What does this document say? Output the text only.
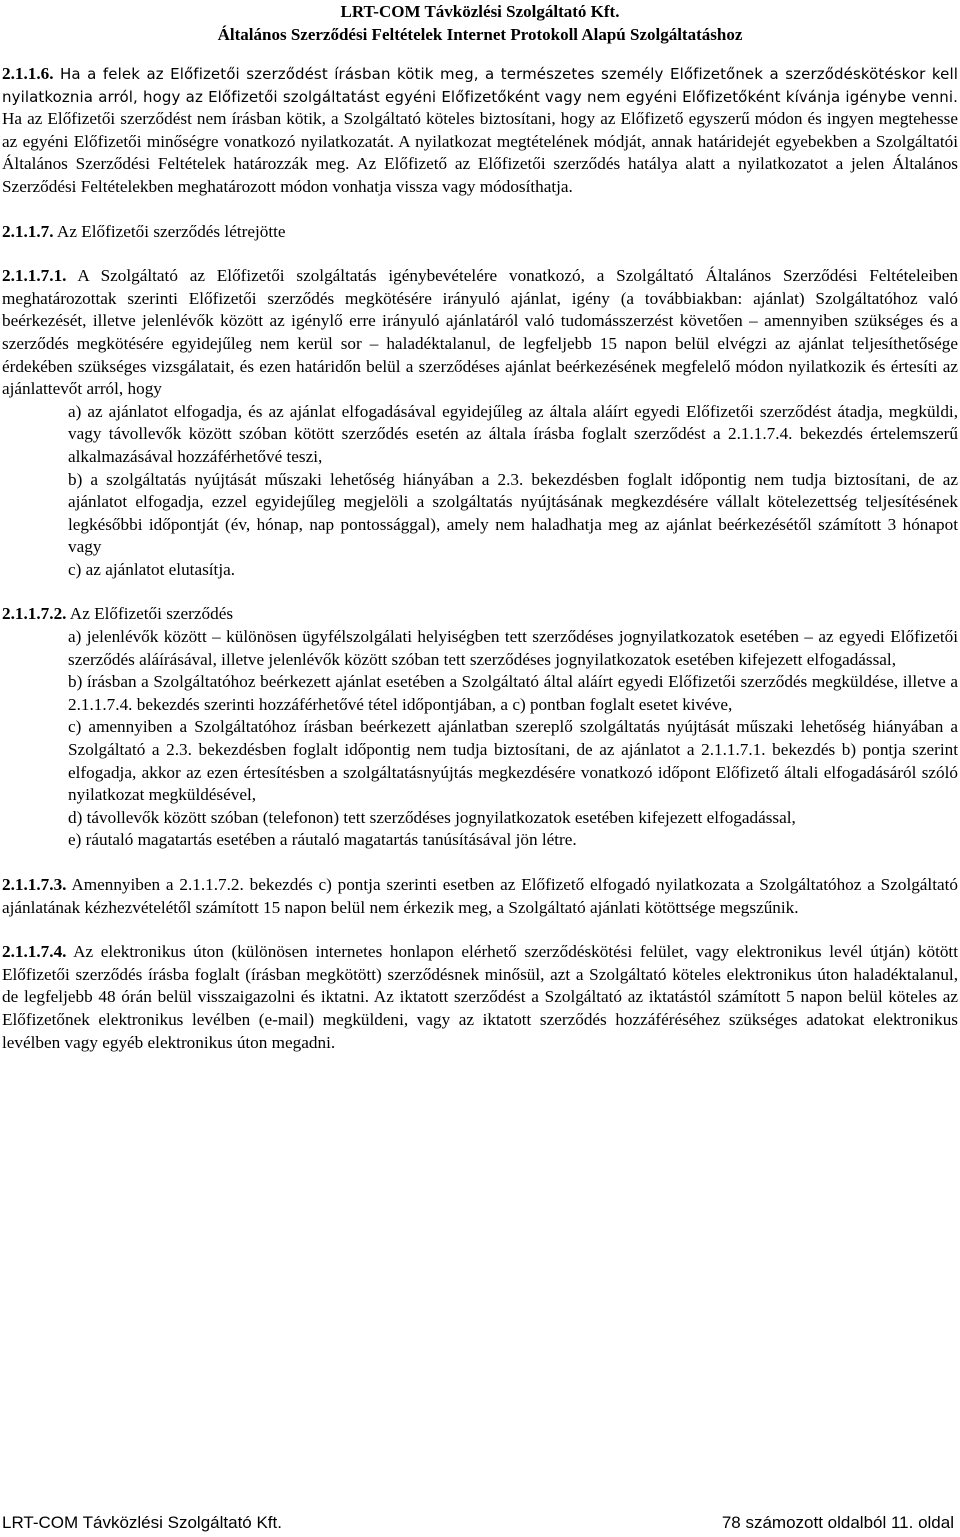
LRT-COM Távközlési Szolgáltató Kft.
Általános Szerződési Feltételek Internet Protokoll Alapú Szolgáltatáshoz

2.1.1.6. Ha a felek az Előfizetői szerződést írásban kötik meg, a természetes személy Előfizetőnek a szerződéskötéskor kell nyilatkoznia arról, hogy az Előfizetői szolgáltatást egyéni Előfizetőként vagy nem egyéni Előfizetőként kívánja igénybe venni. Ha az Előfizetői szerződést nem írásban kötik, a Szolgáltató köteles biztosítani, hogy az Előfizető egyszerű módon és ingyen megtehesse az egyéni Előfizetői minőségre vonatkozó nyilatkozatát. A nyilatkozat megtételének módját, annak határidejét egyebekben a Szolgáltatói Általános Szerződési Feltételek határozzák meg. Az Előfizető az Előfizetői szerződés hatálya alatt a nyilatkozatot a jelen Általános Szerződési Feltételekben meghatározott módon vonhatja vissza vagy módosíthatja.

2.1.1.7. Az Előfizetői szerződés létrejötte

2.1.1.7.1. A Szolgáltató az Előfizetői szolgáltatás igénybevételére vonatkozó, a Szolgáltató Általános Szerződési Feltételeiben meghatározottak szerinti Előfizetői szerződés megkötésére irányuló ajánlat, igény (a továbbiakban: ajánlat) Szolgáltatóhoz való beérkezését, illetve jelenlévők között az igénylő erre irányuló ajánlatáról való tudomásszerzést követően – amennyiben szükséges és a szerződés megkötésére egyidejűleg nem kerül sor – haladéktalanul, de legfeljebb 15 napon belül elvégzi az ajánlat teljesíthetősége érdekében szükséges vizsgálatait, és ezen határidőn belül a szerződéses ajánlat beérkezésének megfelelő módon nyilatkozik és értesíti az ajánlattevőt arról, hogy

a) az ajánlatot elfogadja, és az ajánlat elfogadásával egyidejűleg az általa aláírt egyedi Előfizetői szerződést átadja, megküldi, vagy távollevők között szóban kötött szerződés esetén az általa írásba foglalt szerződést a 2.1.1.7.4. bekezdés értelemszerű alkalmazásával hozzáférhetővé teszi,

b) a szolgáltatás nyújtását műszaki lehetőség hiányában a 2.3. bekezdésben foglalt időpontig nem tudja biztosítani, de az ajánlatot elfogadja, ezzel egyidejűleg megjelöli a szolgáltatás nyújtásának megkezdésére vállalt kötelezettség teljesítésének legkésőbbi időpontját (év, hónap, nap pontossággal), amely nem haladhatja meg az ajánlat beérkezésétől számított 3 hónapot vagy

c) az ajánlatot elutasítja.

2.1.1.7.2. Az Előfizetői szerződés

a) jelenlévők között – különösen ügyfélszolgálati helyiségben tett szerződéses jognyilatkozatok esetében – az egyedi Előfizetői szerződés aláírásával, illetve jelenlévők között szóban tett szerződéses jognyilatkozatok esetében kifejezett elfogadással,

b) írásban a Szolgáltatóhoz beérkezett ajánlat esetében a Szolgáltató által aláírt egyedi Előfizetői szerződés megküldése, illetve a 2.1.1.7.4. bekezdés szerinti hozzáférhetővé tétel időpontjában, a c) pontban foglalt esetet kivéve,

c) amennyiben a Szolgáltatóhoz írásban beérkezett ajánlatban szereplő szolgáltatás nyújtását műszaki lehetőség hiányában a Szolgáltató a 2.3. bekezdésben foglalt időpontig nem tudja biztosítani, de az ajánlatot a 2.1.1.7.1. bekezdés b) pontja szerint elfogadja, akkor az ezen értesítésben a szolgáltatásnyújtás megkezdésére vonatkozó időpont Előfizető általi elfogadásáról szóló nyilatkozat megküldésével,

d) távollevők között szóban (telefonon) tett szerződéses jognyilatkozatok esetében kifejezett elfogadással,

e) ráutaló magatartás esetében a ráutaló magatartás tanúsításával jön létre.

2.1.1.7.3. Amennyiben a 2.1.1.7.2. bekezdés c) pontja szerinti esetben az Előfizető elfogadó nyilatkozata a Szolgáltatóhoz a Szolgáltató ajánlatának kézhezvételétől számított 15 napon belül nem érkezik meg, a Szolgáltató ajánlati kötöttsége megszűnik.

2.1.1.7.4. Az elektronikus úton (különösen internetes honlapon elérhető szerződéskötési felület, vagy elektronikus levél útján) kötött Előfizetői szerződés írásba foglalt (írásban megkötött) szerződésnek minősül, azt a Szolgáltató köteles elektronikus úton haladéktalanul, de legfeljebb 48 órán belül visszaigazolni és iktatni. Az iktatott szerződést a Szolgáltató az iktatástól számított 5 napon belül köteles az Előfizetőnek elektronikus levélben (e-mail) megküldeni, vagy az iktatott szerződés hozzáféréséhez szükséges adatokat elektronikus levélben vagy egyéb elektronikus úton megadni.

LRT-COM Távközlési Szolgáltató Kft.	78 számozott oldalból 11. oldal
